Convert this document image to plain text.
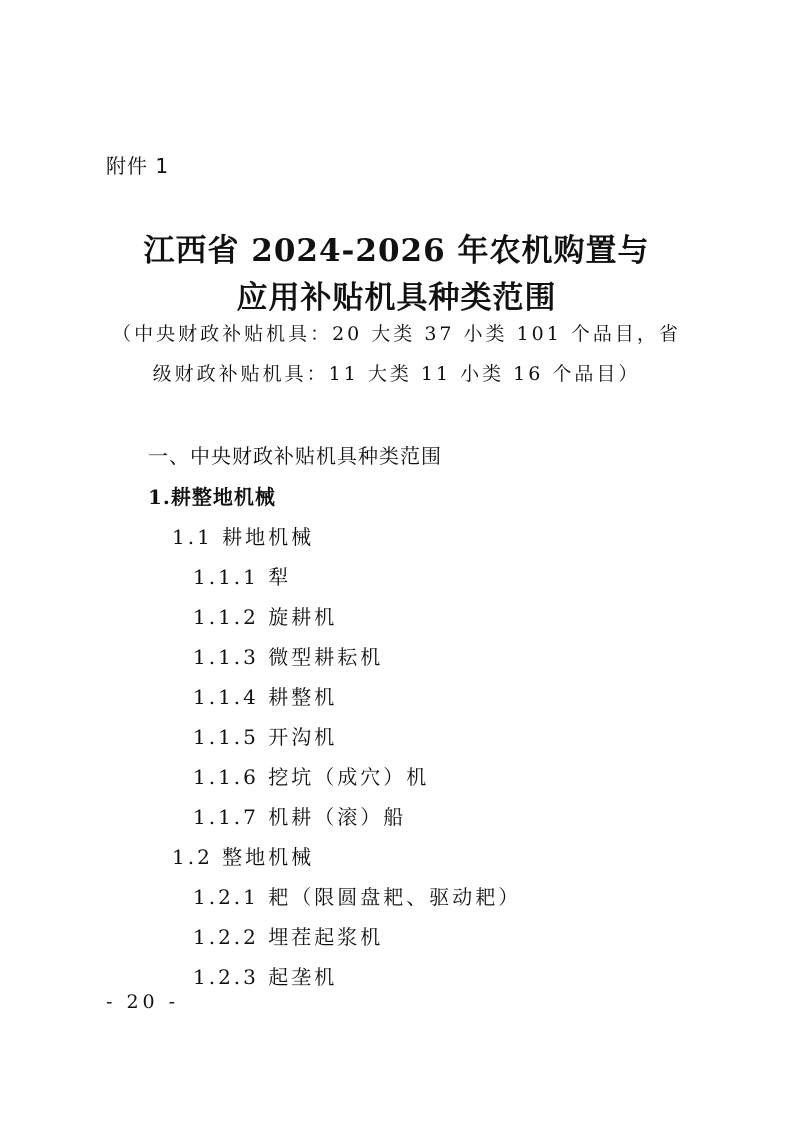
附件 1
江西省 2024-2026 年农机购置与
应用补贴机具种类范围
（中央财政补贴机具：20 大类 37 小类 101 个品目，省
级财政补贴机具：11 大类 11 小类 16 个品目）
一、中央财政补贴机具种类范围
1.耕整地机械
1.1 耕地机械
1.1.1 犁
1.1.2 旋耕机
1.1.3 微型耕耘机
1.1.4 耕整机
1.1.5 开沟机
1.1.6 挖坑（成穴）机
1.1.7 机耕（滚）船
1.2 整地机械
1.2.1 耙（限圆盘耙、驱动耙）
1.2.2 埋茬起浆机
1.2.3 起垄机
- 20 -
